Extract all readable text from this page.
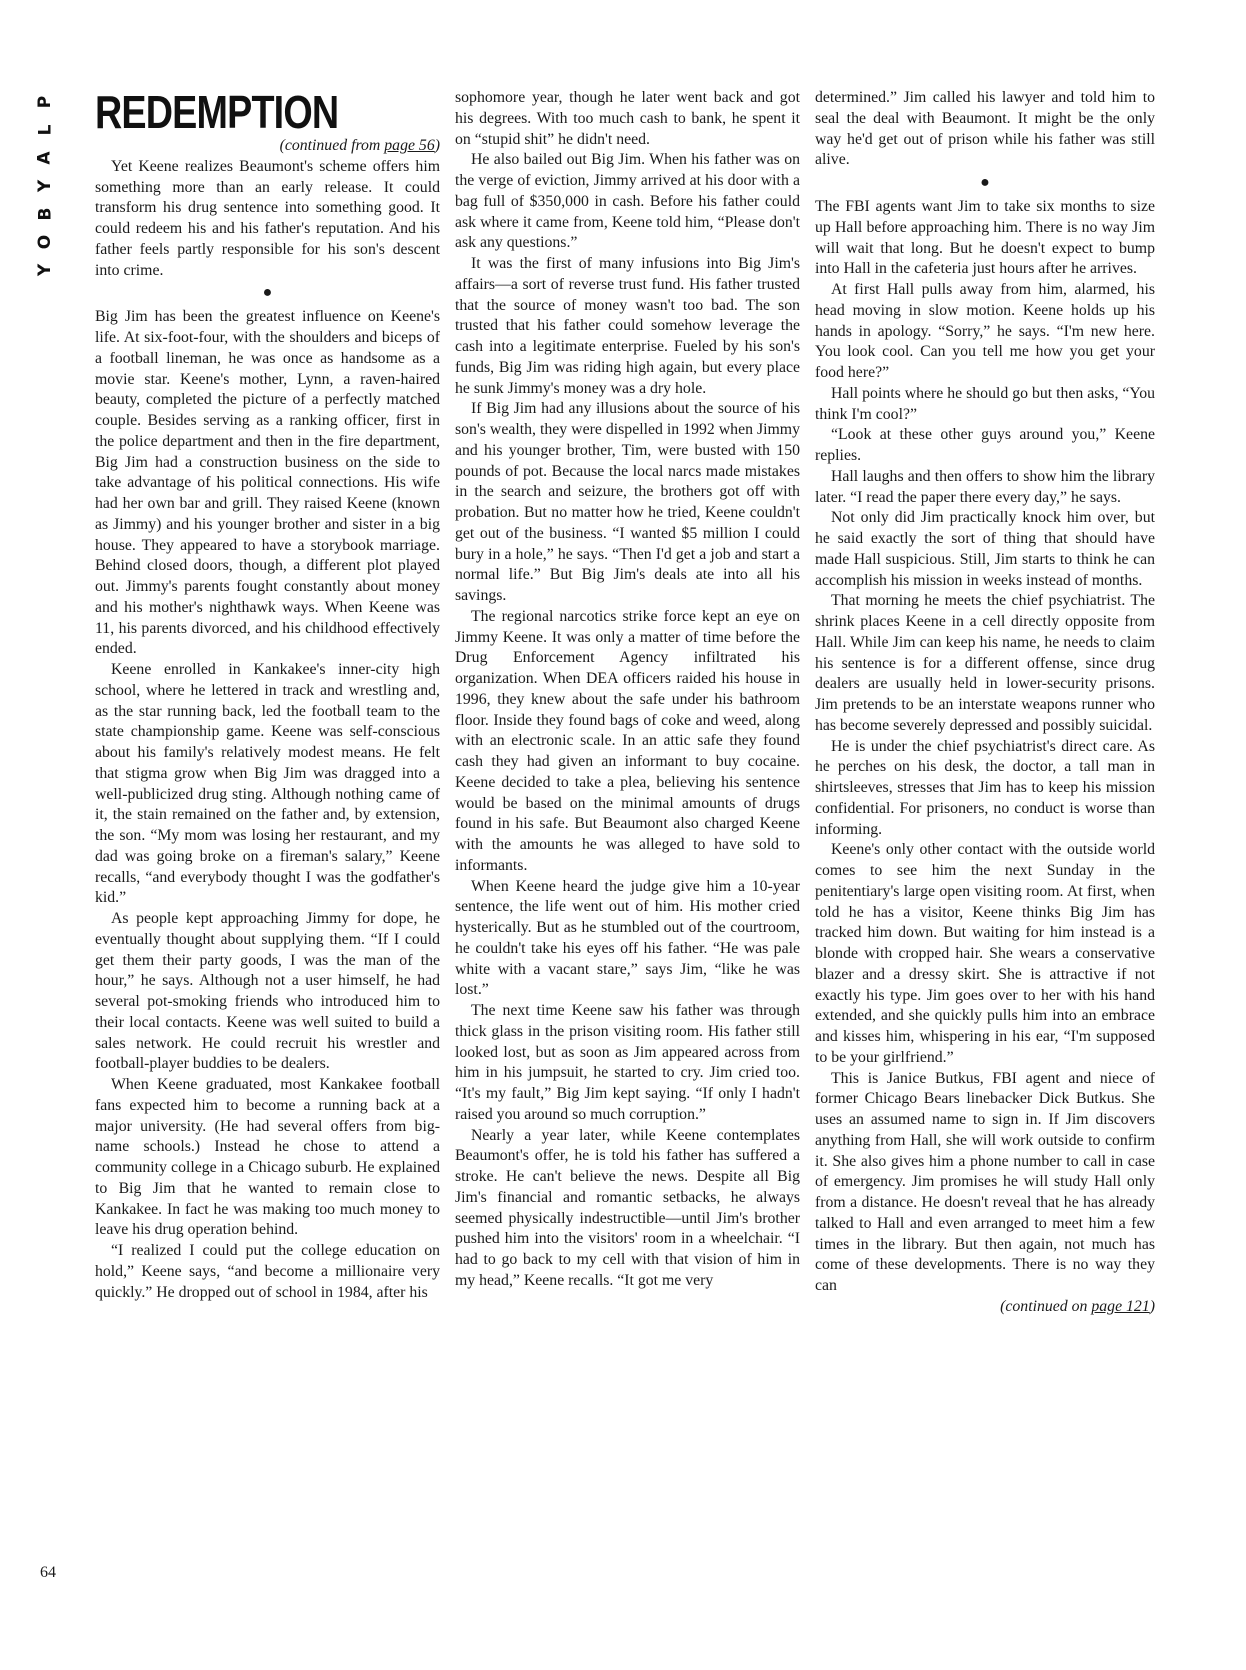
P
L
A
Y
B
O
Y
REDEMPTION

(continued from page 56)

Yet Keene realizes Beaumont's scheme offers him something more than an early release. It could transform his drug sentence into something good. It could redeem his and his father's reputation. And his father feels partly responsible for his son's descent into crime.

●

Big Jim has been the greatest influence on Keene's life. At six-foot-four, with the shoulders and biceps of a football lineman, he was once as handsome as a movie star. Keene's mother, Lynn, a raven-haired beauty, completed the picture of a perfectly matched couple. Besides serving as a ranking officer, first in the police department and then in the fire department, Big Jim had a construction business on the side to take advantage of his political connections. His wife had her own bar and grill. They raised Keene (known as Jimmy) and his younger brother and sister in a big house. They appeared to have a storybook marriage. Behind closed doors, though, a different plot played out. Jimmy's parents fought constantly about money and his mother's nighthawk ways. When Keene was 11, his parents divorced, and his childhood effectively ended.

Keene enrolled in Kankakee's inner-city high school, where he lettered in track and wrestling and, as the star running back, led the football team to the state championship game. Keene was self-conscious about his family's relatively modest means. He felt that stigma grow when Big Jim was dragged into a well-publicized drug sting. Although nothing came of it, the stain remained on the father and, by extension, the son. “My mom was losing her restaurant, and my dad was going broke on a fireman's salary,” Keene recalls, “and everybody thought I was the godfather's kid.”

As people kept approaching Jimmy for dope, he eventually thought about supplying them. “If I could get them their party goods, I was the man of the hour,” he says. Although not a user himself, he had several pot-smoking friends who introduced him to their local contacts. Keene was well suited to build a sales network. He could recruit his wrestler and football-player buddies to be dealers.

When Keene graduated, most Kankakee football fans expected him to become a running back at a major university. (He had several offers from big-name schools.) Instead he chose to attend a community college in a Chicago suburb. He explained to Big Jim that he wanted to remain close to Kankakee. In fact he was making too much money to leave his drug operation behind.

“I realized I could put the college education on hold,” Keene says, “and become a millionaire very quickly.” He dropped out of school in 1984, after his

sophomore year, though he later went back and got his degrees. With too much cash to bank, he spent it on “stupid shit” he didn't need.

He also bailed out Big Jim. When his father was on the verge of eviction, Jimmy arrived at his door with a bag full of $350,000 in cash. Before his father could ask where it came from, Keene told him, “Please don't ask any questions.”

It was the first of many infusions into Big Jim's affairs—a sort of reverse trust fund. His father trusted that the source of money wasn't too bad. The son trusted that his father could somehow leverage the cash into a legitimate enterprise. Fueled by his son's funds, Big Jim was riding high again, but every place he sunk Jimmy's money was a dry hole.

If Big Jim had any illusions about the source of his son's wealth, they were dispelled in 1992 when Jimmy and his younger brother, Tim, were busted with 150 pounds of pot. Because the local narcs made mistakes in the search and seizure, the brothers got off with probation. But no matter how he tried, Keene couldn't get out of the business. “I wanted $5 million I could bury in a hole,” he says. “Then I'd get a job and start a normal life.” But Big Jim's deals ate into all his savings.

The regional narcotics strike force kept an eye on Jimmy Keene. It was only a matter of time before the Drug Enforcement Agency infiltrated his organization. When DEA officers raided his house in 1996, they knew about the safe under his bathroom floor. Inside they found bags of coke and weed, along with an electronic scale. In an attic safe they found cash they had given an informant to buy cocaine. Keene decided to take a plea, believing his sentence would be based on the minimal amounts of drugs found in his safe. But Beaumont also charged Keene with the amounts he was alleged to have sold to informants.

When Keene heard the judge give him a 10-year sentence, the life went out of him. His mother cried hysterically. But as he stumbled out of the courtroom, he couldn't take his eyes off his father. “He was pale white with a vacant stare,” says Jim, “like he was lost.”

The next time Keene saw his father was through thick glass in the prison visiting room. His father still looked lost, but as soon as Jim appeared across from him in his jumpsuit, he started to cry. Jim cried too. “It's my fault,” Big Jim kept saying. “If only I hadn't raised you around so much corruption.”

Nearly a year later, while Keene contemplates Beaumont's offer, he is told his father has suffered a stroke. He can't believe the news. Despite all Big Jim's financial and romantic setbacks, he always seemed physically indestructible—until Jim's brother pushed him into the visitors' room in a wheelchair. “I had to go back to my cell with that vision of him in my head,” Keene recalls. “It got me very

determined.” Jim called his lawyer and told him to seal the deal with Beaumont. It might be the only way he'd get out of prison while his father was still alive.

●

The FBI agents want Jim to take six months to size up Hall before approaching him. There is no way Jim will wait that long. But he doesn't expect to bump into Hall in the cafeteria just hours after he arrives.

At first Hall pulls away from him, alarmed, his head moving in slow motion. Keene holds up his hands in apology. “Sorry,” he says. “I'm new here. You look cool. Can you tell me how you get your food here?”

Hall points where he should go but then asks, “You think I'm cool?”

“Look at these other guys around you,” Keene replies.

Hall laughs and then offers to show him the library later. “I read the paper there every day,” he says.

Not only did Jim practically knock him over, but he said exactly the sort of thing that should have made Hall suspicious. Still, Jim starts to think he can accomplish his mission in weeks instead of months.

That morning he meets the chief psychiatrist. The shrink places Keene in a cell directly opposite from Hall. While Jim can keep his name, he needs to claim his sentence is for a different offense, since drug dealers are usually held in lower-security prisons. Jim pretends to be an interstate weapons runner who has become severely depressed and possibly suicidal.

He is under the chief psychiatrist's direct care. As he perches on his desk, the doctor, a tall man in shirtsleeves, stresses that Jim has to keep his mission confidential. For prisoners, no conduct is worse than informing.

Keene's only other contact with the outside world comes to see him the next Sunday in the penitentiary's large open visiting room. At first, when told he has a visitor, Keene thinks Big Jim has tracked him down. But waiting for him instead is a blonde with cropped hair. She wears a conservative blazer and a dressy skirt. She is attractive if not exactly his type. Jim goes over to her with his hand extended, and she quickly pulls him into an embrace and kisses him, whispering in his ear, “I'm supposed to be your girlfriend.”

This is Janice Butkus, FBI agent and niece of former Chicago Bears linebacker Dick Butkus. She uses an assumed name to sign in. If Jim discovers anything from Hall, she will work outside to confirm it. She also gives him a phone number to call in case of emergency. Jim promises he will study Hall only from a distance. He doesn't reveal that he has already talked to Hall and even arranged to meet him a few times in the library. But then again, not much has come of these developments. There is no way they can

(continued on page 121)

64
